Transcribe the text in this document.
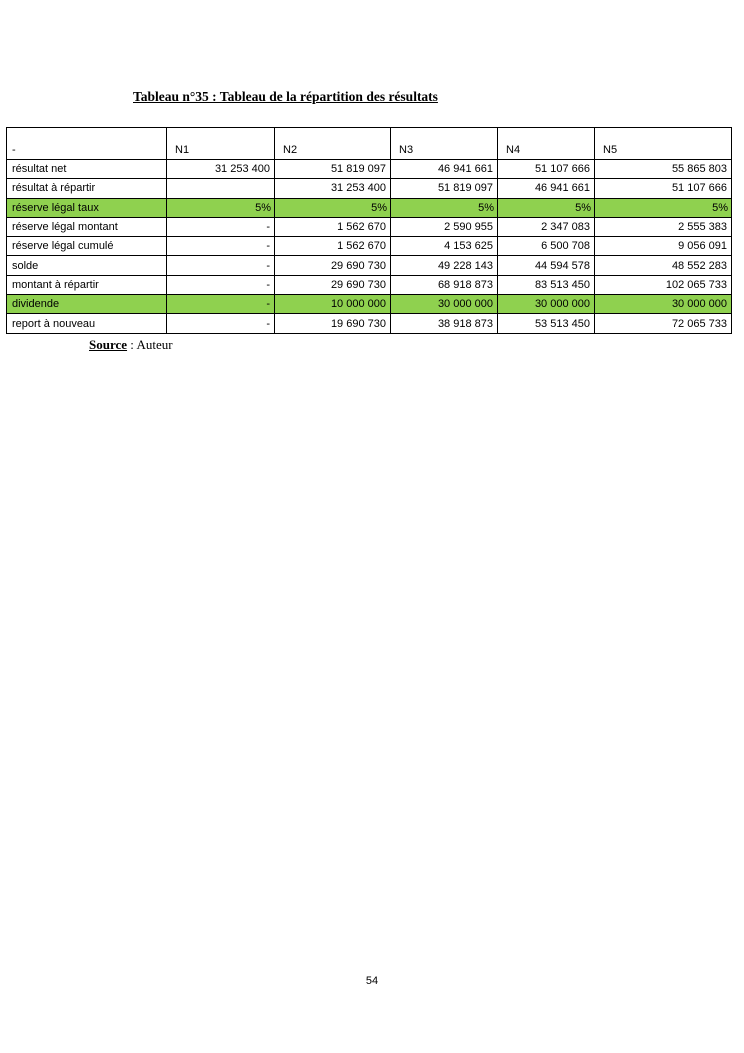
Tableau n°35 : Tableau de la répartition des résultats
-	N1	N2	N3	N4	N5
résultat net	31 253 400	51 819 097	46 941 661	51 107 666	55 865 803
résultat à répartir		31 253 400	51 819 097	46 941 661	51 107 666
réserve légal taux	5%	5%	5%	5%	5%
réserve légal montant	-	1 562 670	2 590 955	2 347 083	2 555 383
réserve légal cumulé	-	1 562 670	4 153 625	6 500 708	9 056 091
solde	-	29 690 730	49 228 143	44 594 578	48 552 283
montant à répartir	-	29 690 730	68 918 873	83 513 450	102 065 733
dividende	-	10 000 000	30 000 000	30 000 000	30 000 000
report à nouveau	-	19 690 730	38 918 873	53 513 450	72 065 733
Source : Auteur
54
